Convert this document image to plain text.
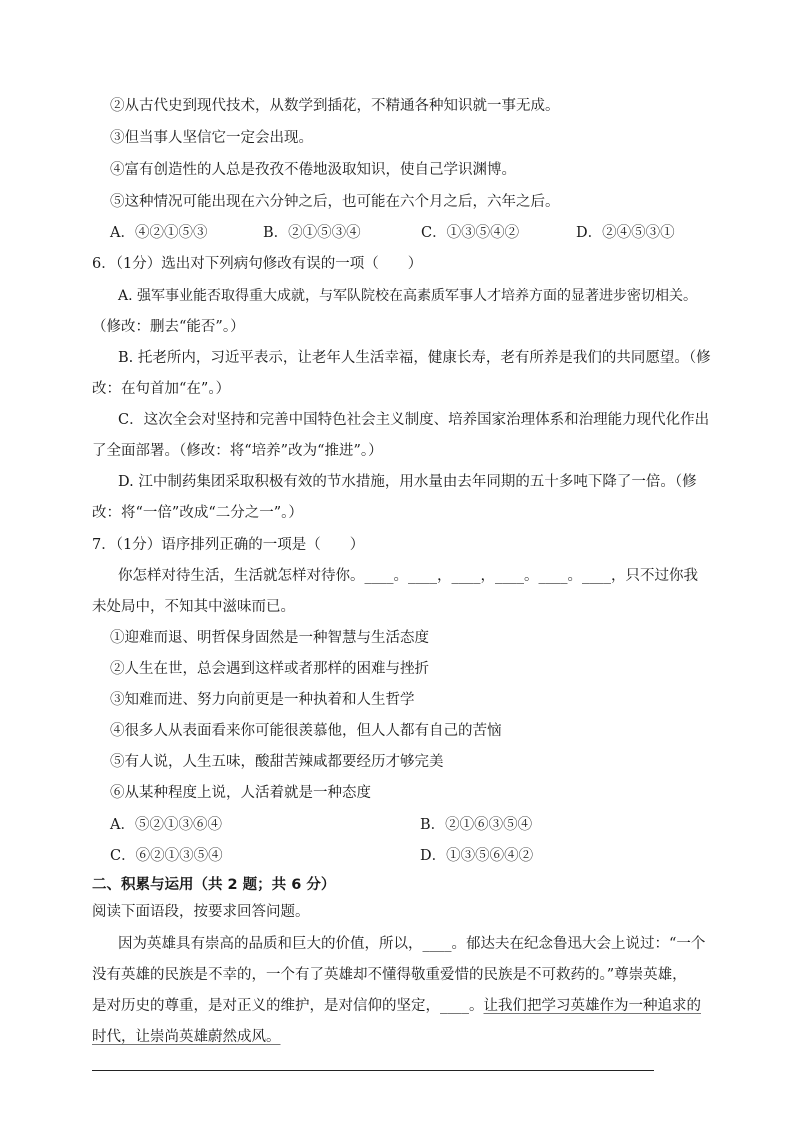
②从古代史到现代技术，从数学到插花，不精通各种知识就一事无成。
③但当事人坚信它一定会出现。
④富有创造性的人总是孜孜不倦地汲取知识，使自己学识渊博。
⑤这种情况可能出现在六分钟之后，也可能在六个月之后，六年之后。
A．④②①⑤③	B．②①⑤③④	C．①③⑤④②	D．②④⑤③①
6．（1分）选出对下列病句修改有误的一项（　　）
A. 强军事业能否取得重大成就，与军队院校在高素质军事人才培养方面的显著进步密切相关。
（修改：删去“能否”。）
B. 托老所内，习近平表示，让老年人生活幸福，健康长寿，老有所养是我们的共同愿望。（修
改：在句首加“在”。）
C．这次全会对坚持和完善中国特色社会主义制度、培养国家治理体系和治理能力现代化作出
了全面部署。（修改：将“培养”改为“推进”。）
D. 江中制药集团采取积极有效的节水措施，用水量由去年同期的五十多吨下降了一倍。（修
改：将“一倍”改成“二分之一”。）
7．（1分）语序排列正确的一项是（　　）
你怎样对待生活，生活就怎样对待你。____。____，____，____。____。____，只不过你我
未处局中，不知其中滋味而已。
①迎难而退、明哲保身固然是一种智慧与生活态度
②人生在世，总会遇到这样或者那样的困难与挫折
③知难而进、努力向前更是一种执着和人生哲学
④很多人从表面看来你可能很羡慕他，但人人都有自己的苦恼
⑤有人说，人生五味，酸甜苦辣咸都要经历才够完美
⑥从某种程度上说，人活着就是一种态度
A．⑤②①③⑥④	B．②①⑥③⑤④
C．⑥②①③⑤④	D．①③⑤⑥④②
二、积累与运用（共 2 题；共 6 分）
阅读下面语段，按要求回答问题。
因为英雄具有崇高的品质和巨大的价值，所以，____。郁达夫在纪念鲁迅大会上说过：“一个
没有英雄的民族是不幸的，一个有了英雄却不懂得敬重爱惜的民族是不可救药的。”尊崇英雄，
是对历史的尊重，是对正义的维护，是对信仰的坚定，____。让我们把学习英雄作为一种追求的
时代，让崇尚英雄蔚然成风。
